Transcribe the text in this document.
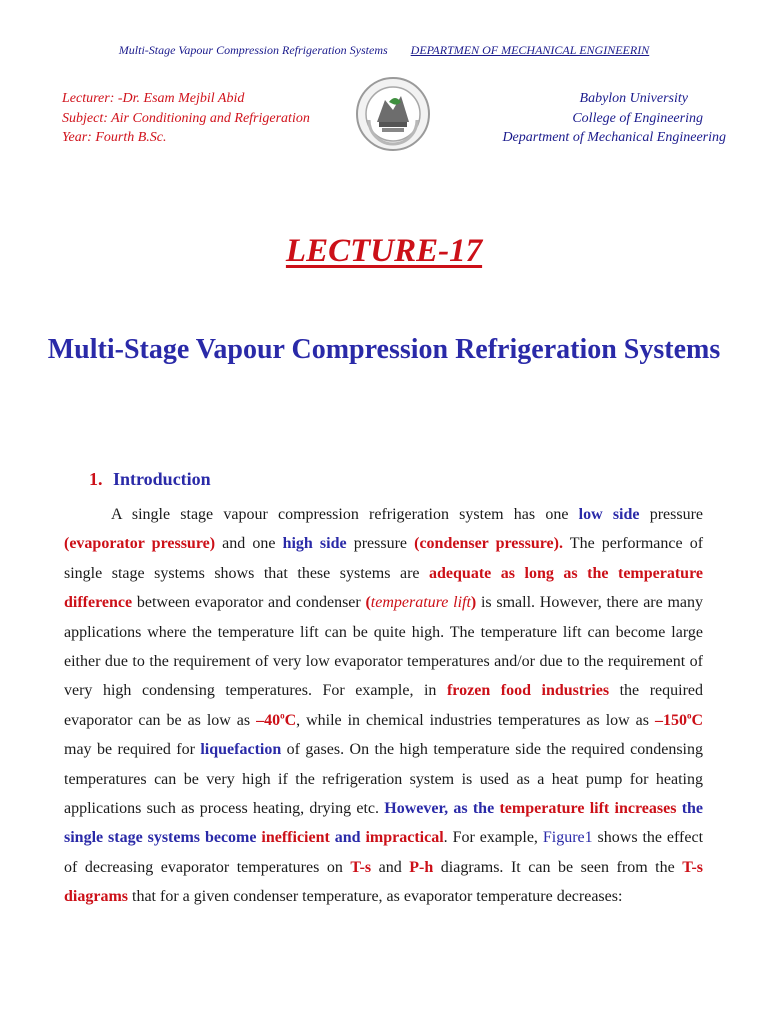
Multi-Stage Vapour Compression Refrigeration Systems DEPARTMEN OF MECHANICAL ENGINEERIN
Lecturer: -Dr. Esam Mejbil Abid
Subject: Air Conditioning and Refrigeration
Year: Fourth B.Sc.
Babylon University
College of Engineering
Department of Mechanical Engineering
LECTURE-17
Multi-Stage Vapour Compression Refrigeration Systems
1. Introduction

A single stage vapour compression refrigeration system has one low side pressure (evaporator pressure) and one high side pressure (condenser pressure). The performance of single stage systems shows that these systems are adequate as long as the temperature difference between evaporator and condenser (temperature lift) is small. However, there are many applications where the temperature lift can be quite high. The temperature lift can become large either due to the requirement of very low evaporator temperatures and/or due to the requirement of very high condensing temperatures. For example, in frozen food industries the required evaporator can be as low as –40$^o$C, while in chemical industries temperatures as low as –150$^o$C may be required for liquefaction of gases. On the high temperature side the required condensing temperatures can be very high if the refrigeration system is used as a heat pump for heating applications such as process heating, drying etc. However, as the temperature lift increases the single stage systems become inefficient and impractical. For example, Figure1 shows the effect of decreasing evaporator temperatures on T-s and P-h diagrams. It can be seen from the T-s diagrams that for a given condenser temperature, as evaporator temperature decreases:
